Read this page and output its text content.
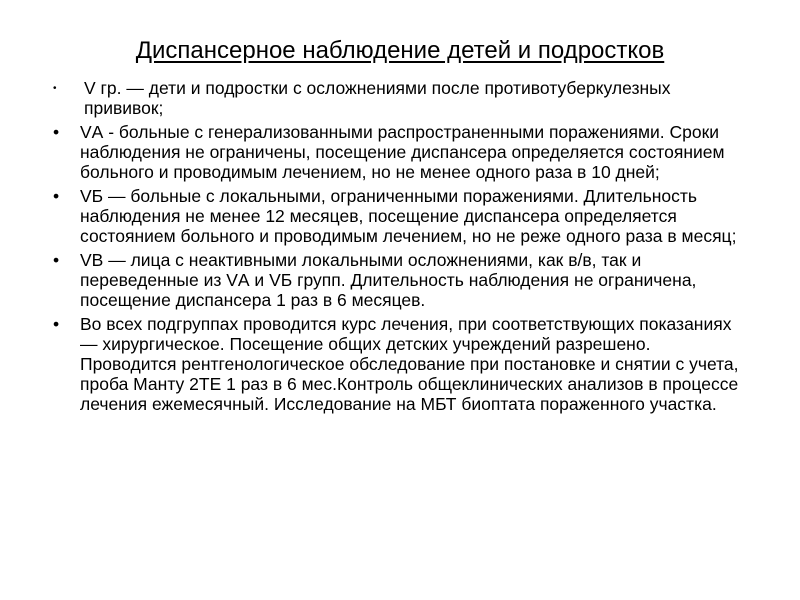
Диспансерное наблюдение детей и подростков
• V гр. — дети и подростки с осложнениями после противотуберкулезных прививок;
• VА - больные с генерализованными распространенными поражениями. Сроки наблюдения не ограничены, посещение диспансера определяется состоянием больного и проводимым лечением, но не менее одного раза в 10 дней;
• VБ — больные с локальными, ограниченными поражениями. Длительность наблюдения не менее 12 месяцев, посещение диспансера определяется состоянием больного и проводимым лечением, но не реже одного раза в месяц;
• VВ — лица с неактивными локальными осложнениями, как в/в, так и переведенные из VА и VБ групп. Длительность наблюдения не ограничена, посещение диспансера 1 раз в 6 месяцев.
• Во всех подгруппах проводится курс лечения, при соответствующих показаниях — хирургическое. Посещение общих детских учреждений разрешено. Проводится рентгенологическое обследование при постановке и снятии с учета, проба Манту 2ТЕ 1 раз в 6 мес.Контроль общеклинических анализов в процессе лечения ежемесячный. Исследование на МБТ биоптата пораженного участка.
